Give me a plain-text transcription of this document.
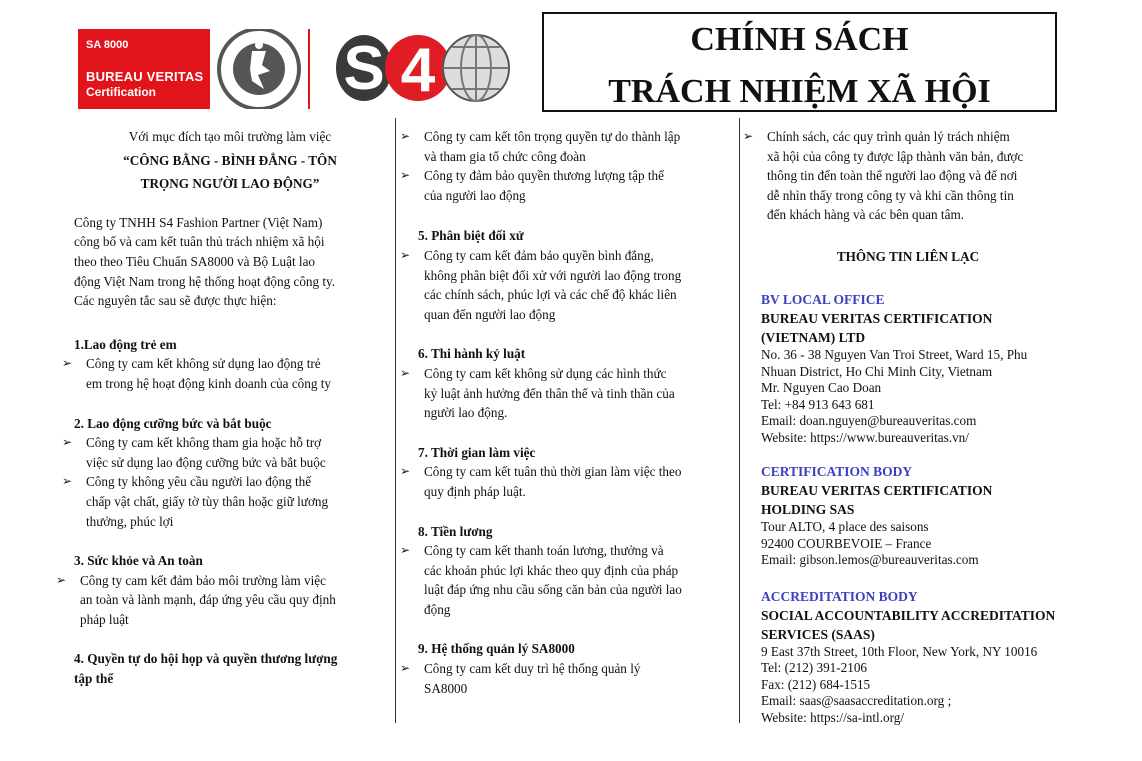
SA 8000
BUREAU VERITAS
Certification	S 4	CHÍNH SÁCH
TRÁCH NHIỆM XÃ HỘI

Với mục đích tạo môi trường làm việc

“CÔNG BẰNG - BÌNH ĐẲNG - TÔN

TRỌNG NGƯỜI LAO ĐỘNG”

Công ty TNHH S4 Fashion Partner (Việt Nam)

công bố và cam kết tuân thủ trách nhiệm xã hội

theo theo Tiêu Chuẩn SA8000 và Bộ Luật lao

động Việt Nam trong hệ thống hoạt động công ty.

Các nguyên tắc sau sẽ được thực hiện:

1.Lao động trẻ em

➢ Công ty cam kết không sử dụng lao động trẻ

em trong hệ hoạt động kinh doanh của công ty

2. Lao động cưỡng bức và bắt buộc

➢ Công ty cam kết không tham gia hoặc hỗ trợ

việc sử dụng lao động cưỡng bức và bắt buộc

➢ Công ty không yêu cầu người lao động thế

chấp vật chất, giấy tờ tùy thân hoặc giữ lương

thưởng, phúc lợi

3. Sức khỏe và An toàn

➢ Công ty cam kết đảm bảo môi trường làm việc

an toàn và lành mạnh, đáp ứng yêu cầu quy định

pháp luật

4. Quyền tự do hội họp và quyền thương lượng

tập thể

➢ Công ty cam kết tôn trọng quyền tự do thành lập

và tham gia tổ chức công đoàn

➢ Công ty đảm bảo quyền thương lượng tập thể

của người lao động

5. Phân biệt đối xử

➢ Công ty cam kết đảm bảo quyền bình đẳng,

không phân biệt đối xử với người lao động trong

các chính sách, phúc lợi và các chế độ khác liên

quan đến người lao động

6. Thi hành kỷ luật

➢ Công ty cam kết không sử dụng các hình thức

kỷ luật ảnh hưởng đến thân thể và tinh thần của

người lao động.

7. Thời gian làm việc

➢ Công ty cam kết tuân thủ thời gian làm việc theo

quy định pháp luật.

8. Tiền lương

➢ Công ty cam kết thanh toán lương, thưởng và

các khoản phúc lợi khác theo quy định của pháp

luật đáp ứng nhu cầu sống căn bản của người lao

động

9. Hệ thống quản lý SA8000

➢ Công ty cam kết duy trì hệ thống quản lý

SA8000

➢ Chính sách, các quy trình quản lý trách nhiệm

xã hội của công ty được lập thành văn bản, được

thông tin đến toàn thể người lao động và để nơi

dễ nhìn thấy trong công ty và khi cần thông tin

đến khách hàng và các bên quan tâm.

THÔNG TIN LIÊN LẠC

BV LOCAL OFFICE

BUREAU VERITAS CERTIFICATION

(VIETNAM) LTD

No. 36 - 38 Nguyen Van Troi Street, Ward 15, Phu

Nhuan District, Ho Chi Minh City, Vietnam

Mr. Nguyen Cao Doan

Tel: +84 913 643 681

Email: doan.nguyen@bureauveritas.com

Website: https://www.bureauveritas.vn/

CERTIFICATION BODY

BUREAU VERITAS CERTIFICATION

HOLDING SAS

Tour ALTO, 4 place des saisons

92400 COURBEVOIE – France

Email: gibson.lemos@bureauveritas.com

ACCREDITATION BODY

SOCIAL ACCOUNTABILITY ACCREDITATION

SERVICES (SAAS)

9 East 37th Street, 10th Floor, New York, NY 10016

Tel: (212) 391-2106

Fax: (212) 684-1515

Email: saas@saasaccreditation.org ;

Website: https://sa-intl.org/
